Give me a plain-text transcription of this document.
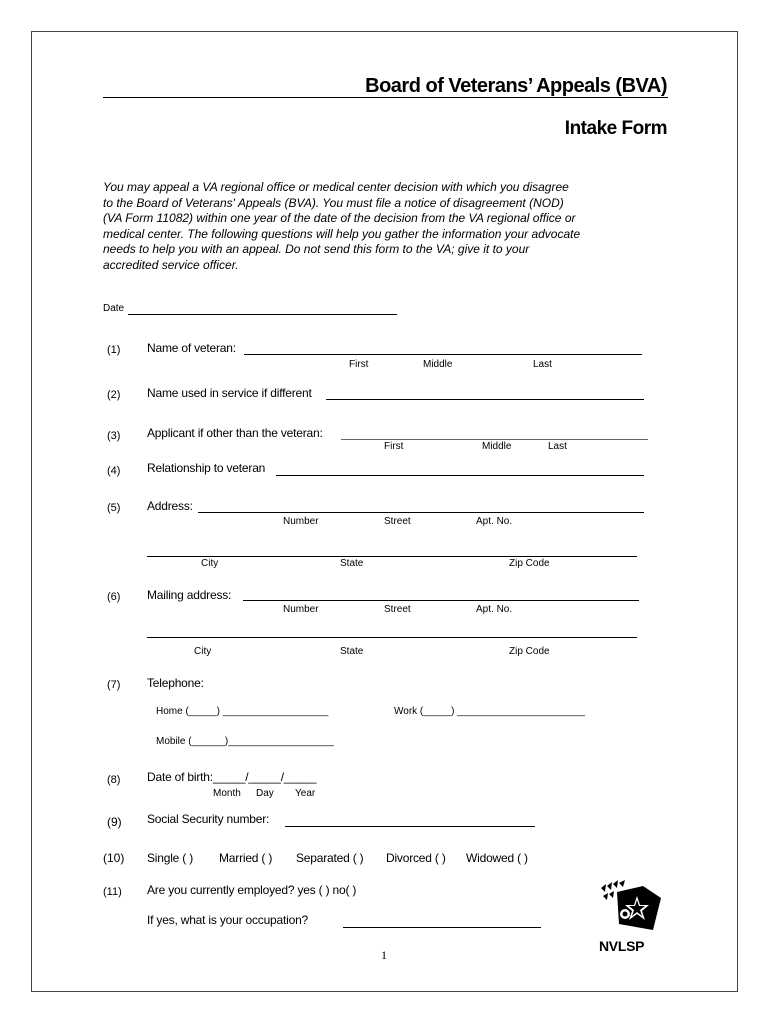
Board of Veterans’ Appeals (BVA)
Intake Form
You may appeal a VA regional office or medical center decision with which you disagree
to the Board of Veterans' Appeals (BVA). You must file a notice of disagreement (NOD)
(VA Form 11082) within one year of the date of the decision from the VA regional office or
medical center. The following questions will help you gather the information your advocate
needs to help you with an appeal. Do not send this form to the VA; give it to your
accredited service officer.
Date
(1) Name of veteran:
First	Middle	Last
(2) Name used in service if different
(3) Applicant if other than the veteran:
First	Middle	Last
(4) Relationship to veteran
(5) Address:
Number	Street	Apt. No.
City	State	Zip Code
(6) Mailing address:
Number	Street	Apt. No.
City	State	Zip Code
(7) Telephone:
Home (_____) ___________________	Work (_____) _______________________
Mobile (______)___________________
(8) Date of birth:_____/_____/_____
Month Day Year
(9) Social Security number:
(10) Single ( ) Married ( ) Separated ( ) Divorced ( ) Widowed ( )
(11) Are you currently employed? yes ( ) no( )
If yes, what is your occupation?
1
NVLSP
